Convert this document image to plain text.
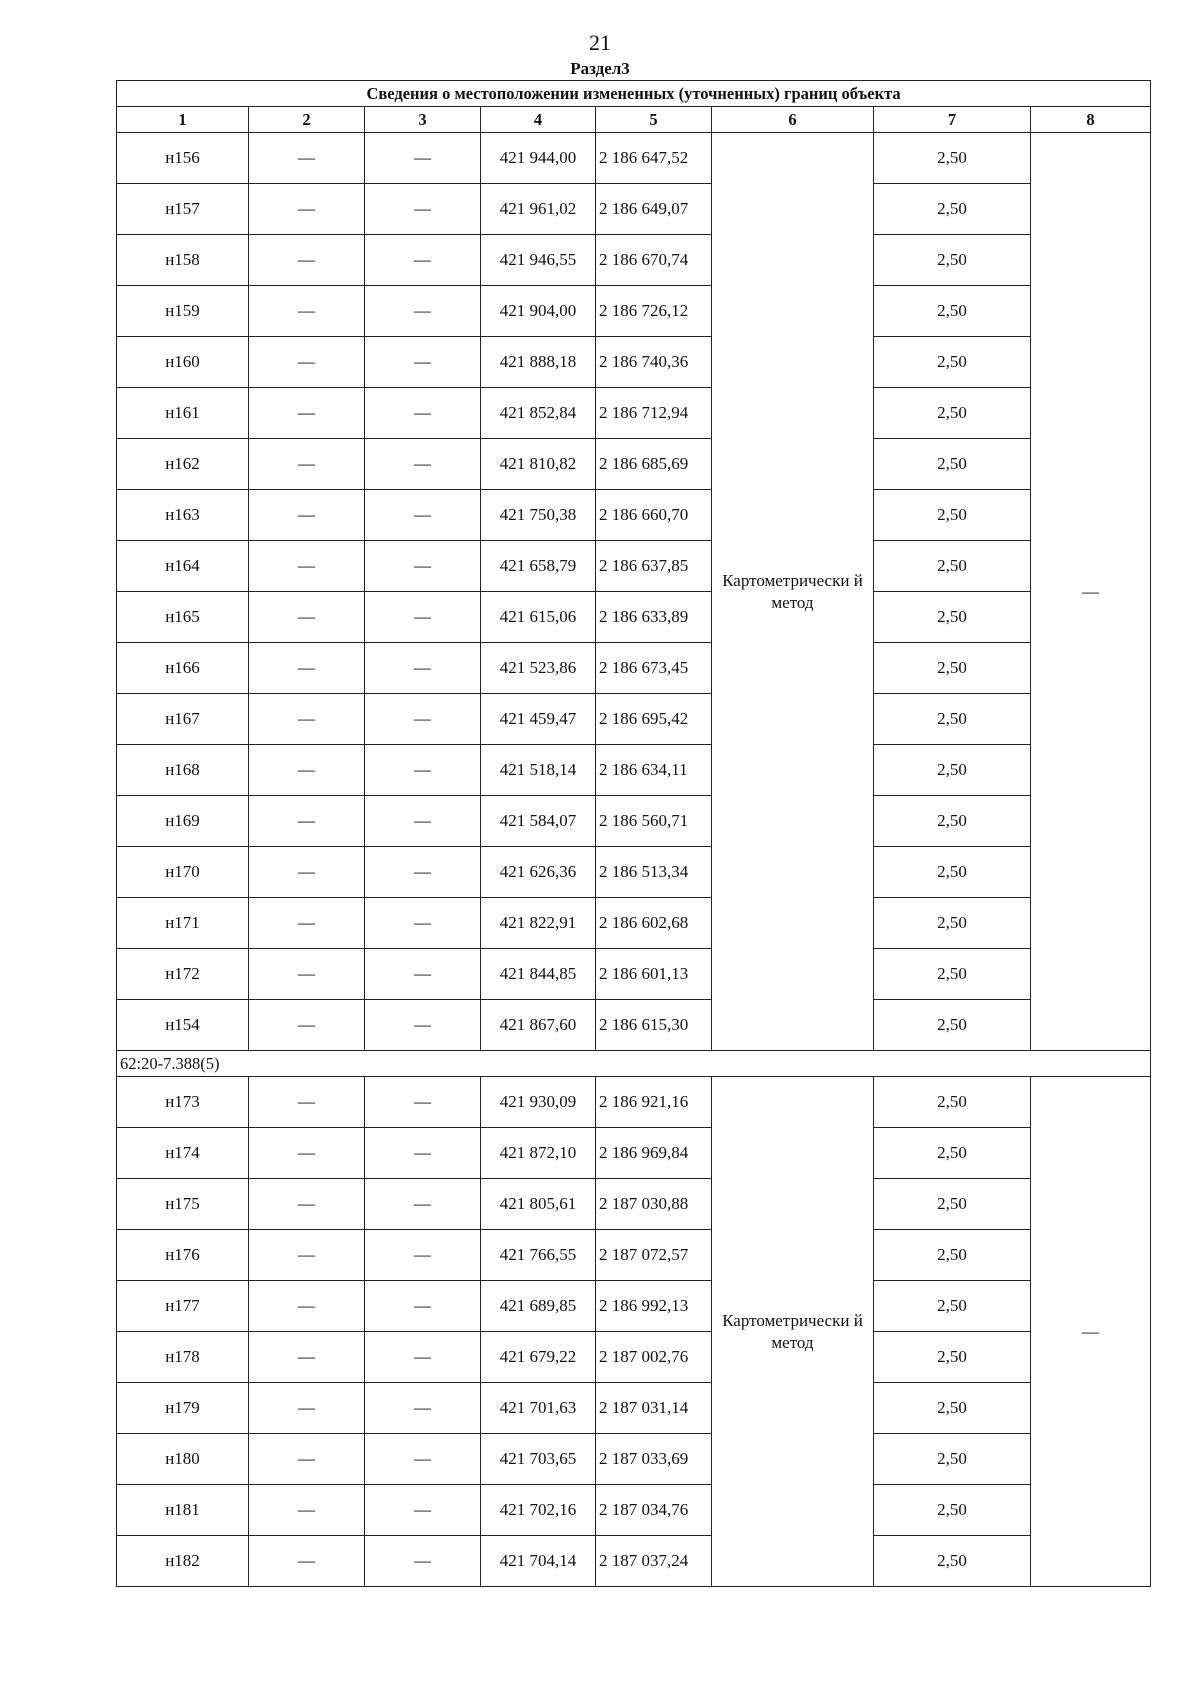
21
Раздел3
Сведения о местоположении измененных (уточненных) границ объекта							
1	2	3	4	5	6	7	8
н156	—	—	421 944,00	2 186 647,52	Картометрически й метод	2,50	—
н157	—	—	421 961,02	2 186 649,07		2,50	
н158	—	—	421 946,55	2 186 670,74		2,50	
н159	—	—	421 904,00	2 186 726,12		2,50	
н160	—	—	421 888,18	2 186 740,36		2,50	
н161	—	—	421 852,84	2 186 712,94		2,50	
н162	—	—	421 810,82	2 186 685,69		2,50	
н163	—	—	421 750,38	2 186 660,70		2,50	
н164	—	—	421 658,79	2 186 637,85		2,50	
н165	—	—	421 615,06	2 186 633,89		2,50	
н166	—	—	421 523,86	2 186 673,45		2,50	
н167	—	—	421 459,47	2 186 695,42		2,50	
н168	—	—	421 518,14	2 186 634,11		2,50	
н169	—	—	421 584,07	2 186 560,71		2,50	
н170	—	—	421 626,36	2 186 513,34		2,50	
н171	—	—	421 822,91	2 186 602,68		2,50	
н172	—	—	421 844,85	2 186 601,13		2,50	
н154	—	—	421 867,60	2 186 615,30		2,50	
62:20-7.388(5)							
н173	—	—	421 930,09	2 186 921,16	Картометрически й метод	2,50	—
н174	—	—	421 872,10	2 186 969,84		2,50	
н175	—	—	421 805,61	2 187 030,88		2,50	
н176	—	—	421 766,55	2 187 072,57		2,50	
н177	—	—	421 689,85	2 186 992,13		2,50	
н178	—	—	421 679,22	2 187 002,76		2,50	
н179	—	—	421 701,63	2 187 031,14		2,50	
н180	—	—	421 703,65	2 187 033,69		2,50	
н181	—	—	421 702,16	2 187 034,76		2,50	
н182	—	—	421 704,14	2 187 037,24		2,50	
